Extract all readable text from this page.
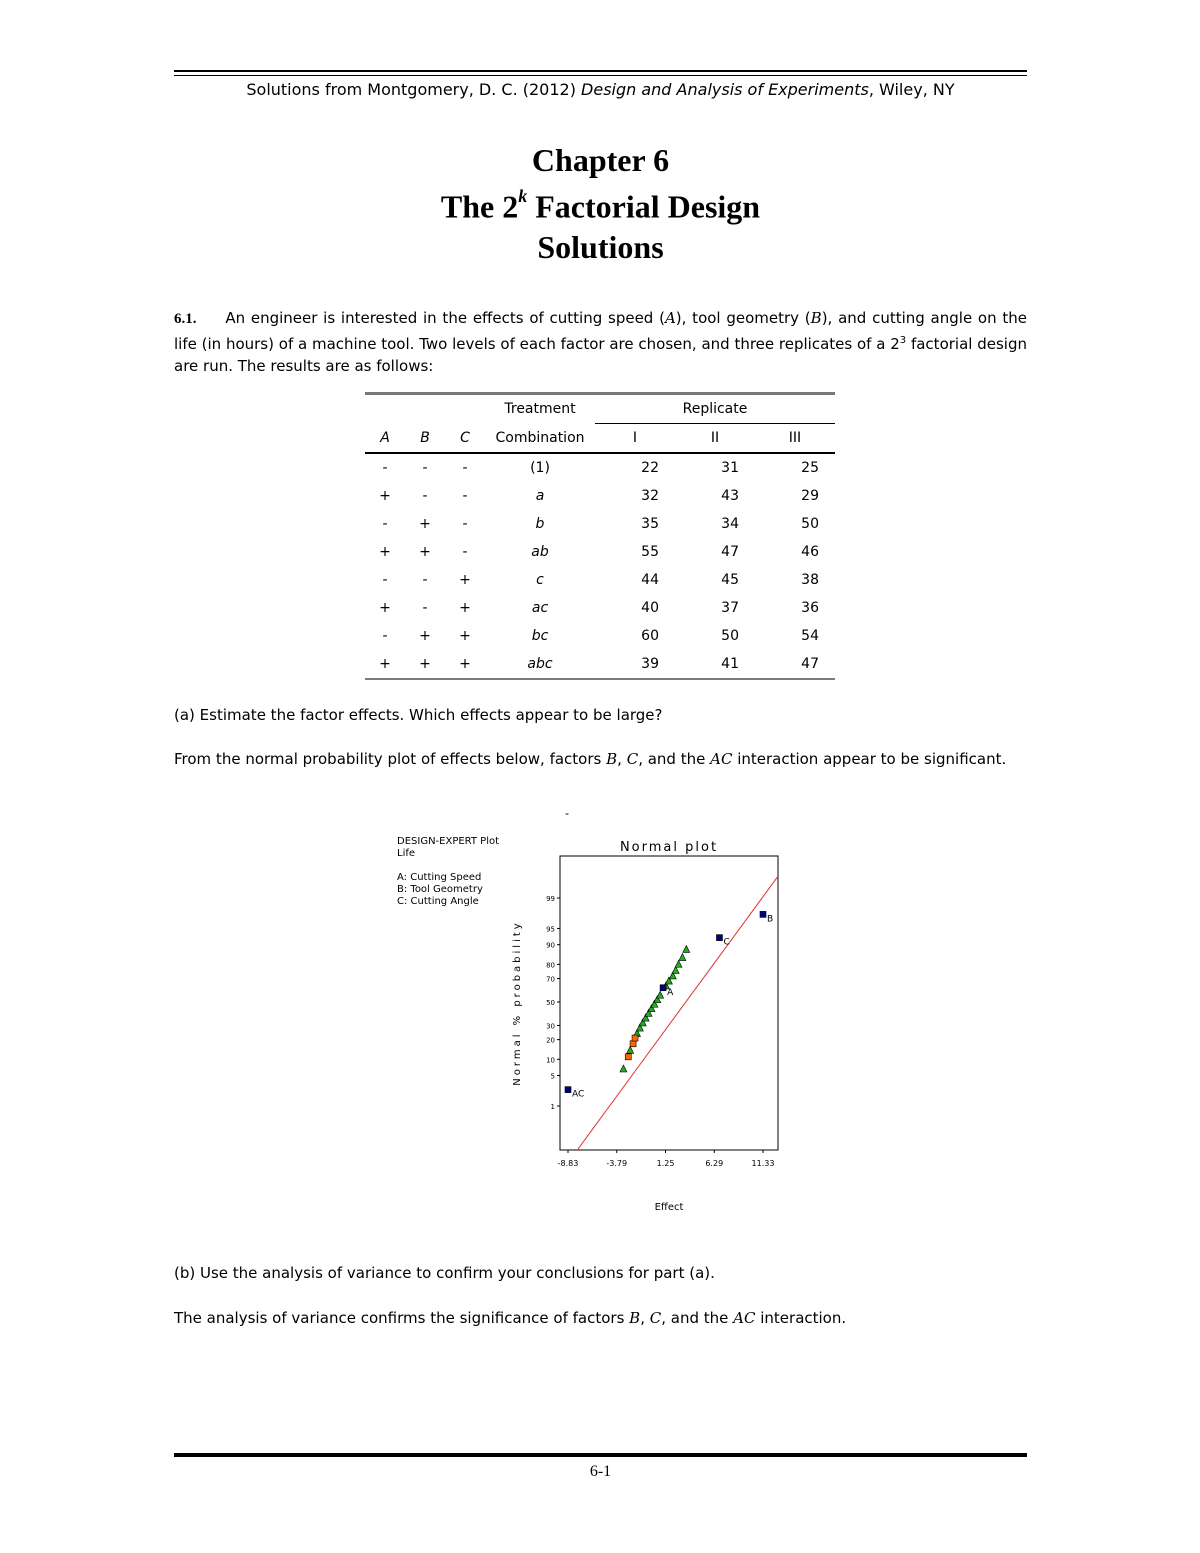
Solutions from Montgomery, D. C. (2012) Design and Analysis of Experiments, Wiley, NY
Chapter 6
The 2$^k$ Factorial Design
Solutions
6.1. An engineer is interested in the effects of cutting speed (A), tool geometry (B), and cutting angle on the life (in hours) of a machine tool. Two levels of each factor are chosen, and three replicates of a $2^3$ factorial design are run. The results are as follows:
			Treatment	Replicate		
A	B	C	Combination	I	II	III
-	-	-	(1)	22	31	25
+	-	-	a	32	43	29
-	+	-	b	35	34	50
+	+	-	ab	55	47	46
-	-	+	c	44	45	38
+	-	+	ac	40	37	36
-	+	+	bc	60	50	54
+	+	+	abc	39	41	47
(a) Estimate the factor effects. Which effects appear to be large?
From the normal probability plot of effects below, factors B, C, and the AC interaction appear to be significant.
-
DESIGN-EXPERT Plot
Life
A: Cutting Speed
B: Tool Geometry
C: Cutting Angle
Normal plot
1
5
10
20
30
50
70
80
90
95
99
-8.83	-3.79	1.25	6.29	11.33
Effect
Normal % probability
B
C
A
AC
(b) Use the analysis of variance to confirm your conclusions for part (a).
The analysis of variance confirms the significance of factors B, C, and the AC interaction.
6-1
